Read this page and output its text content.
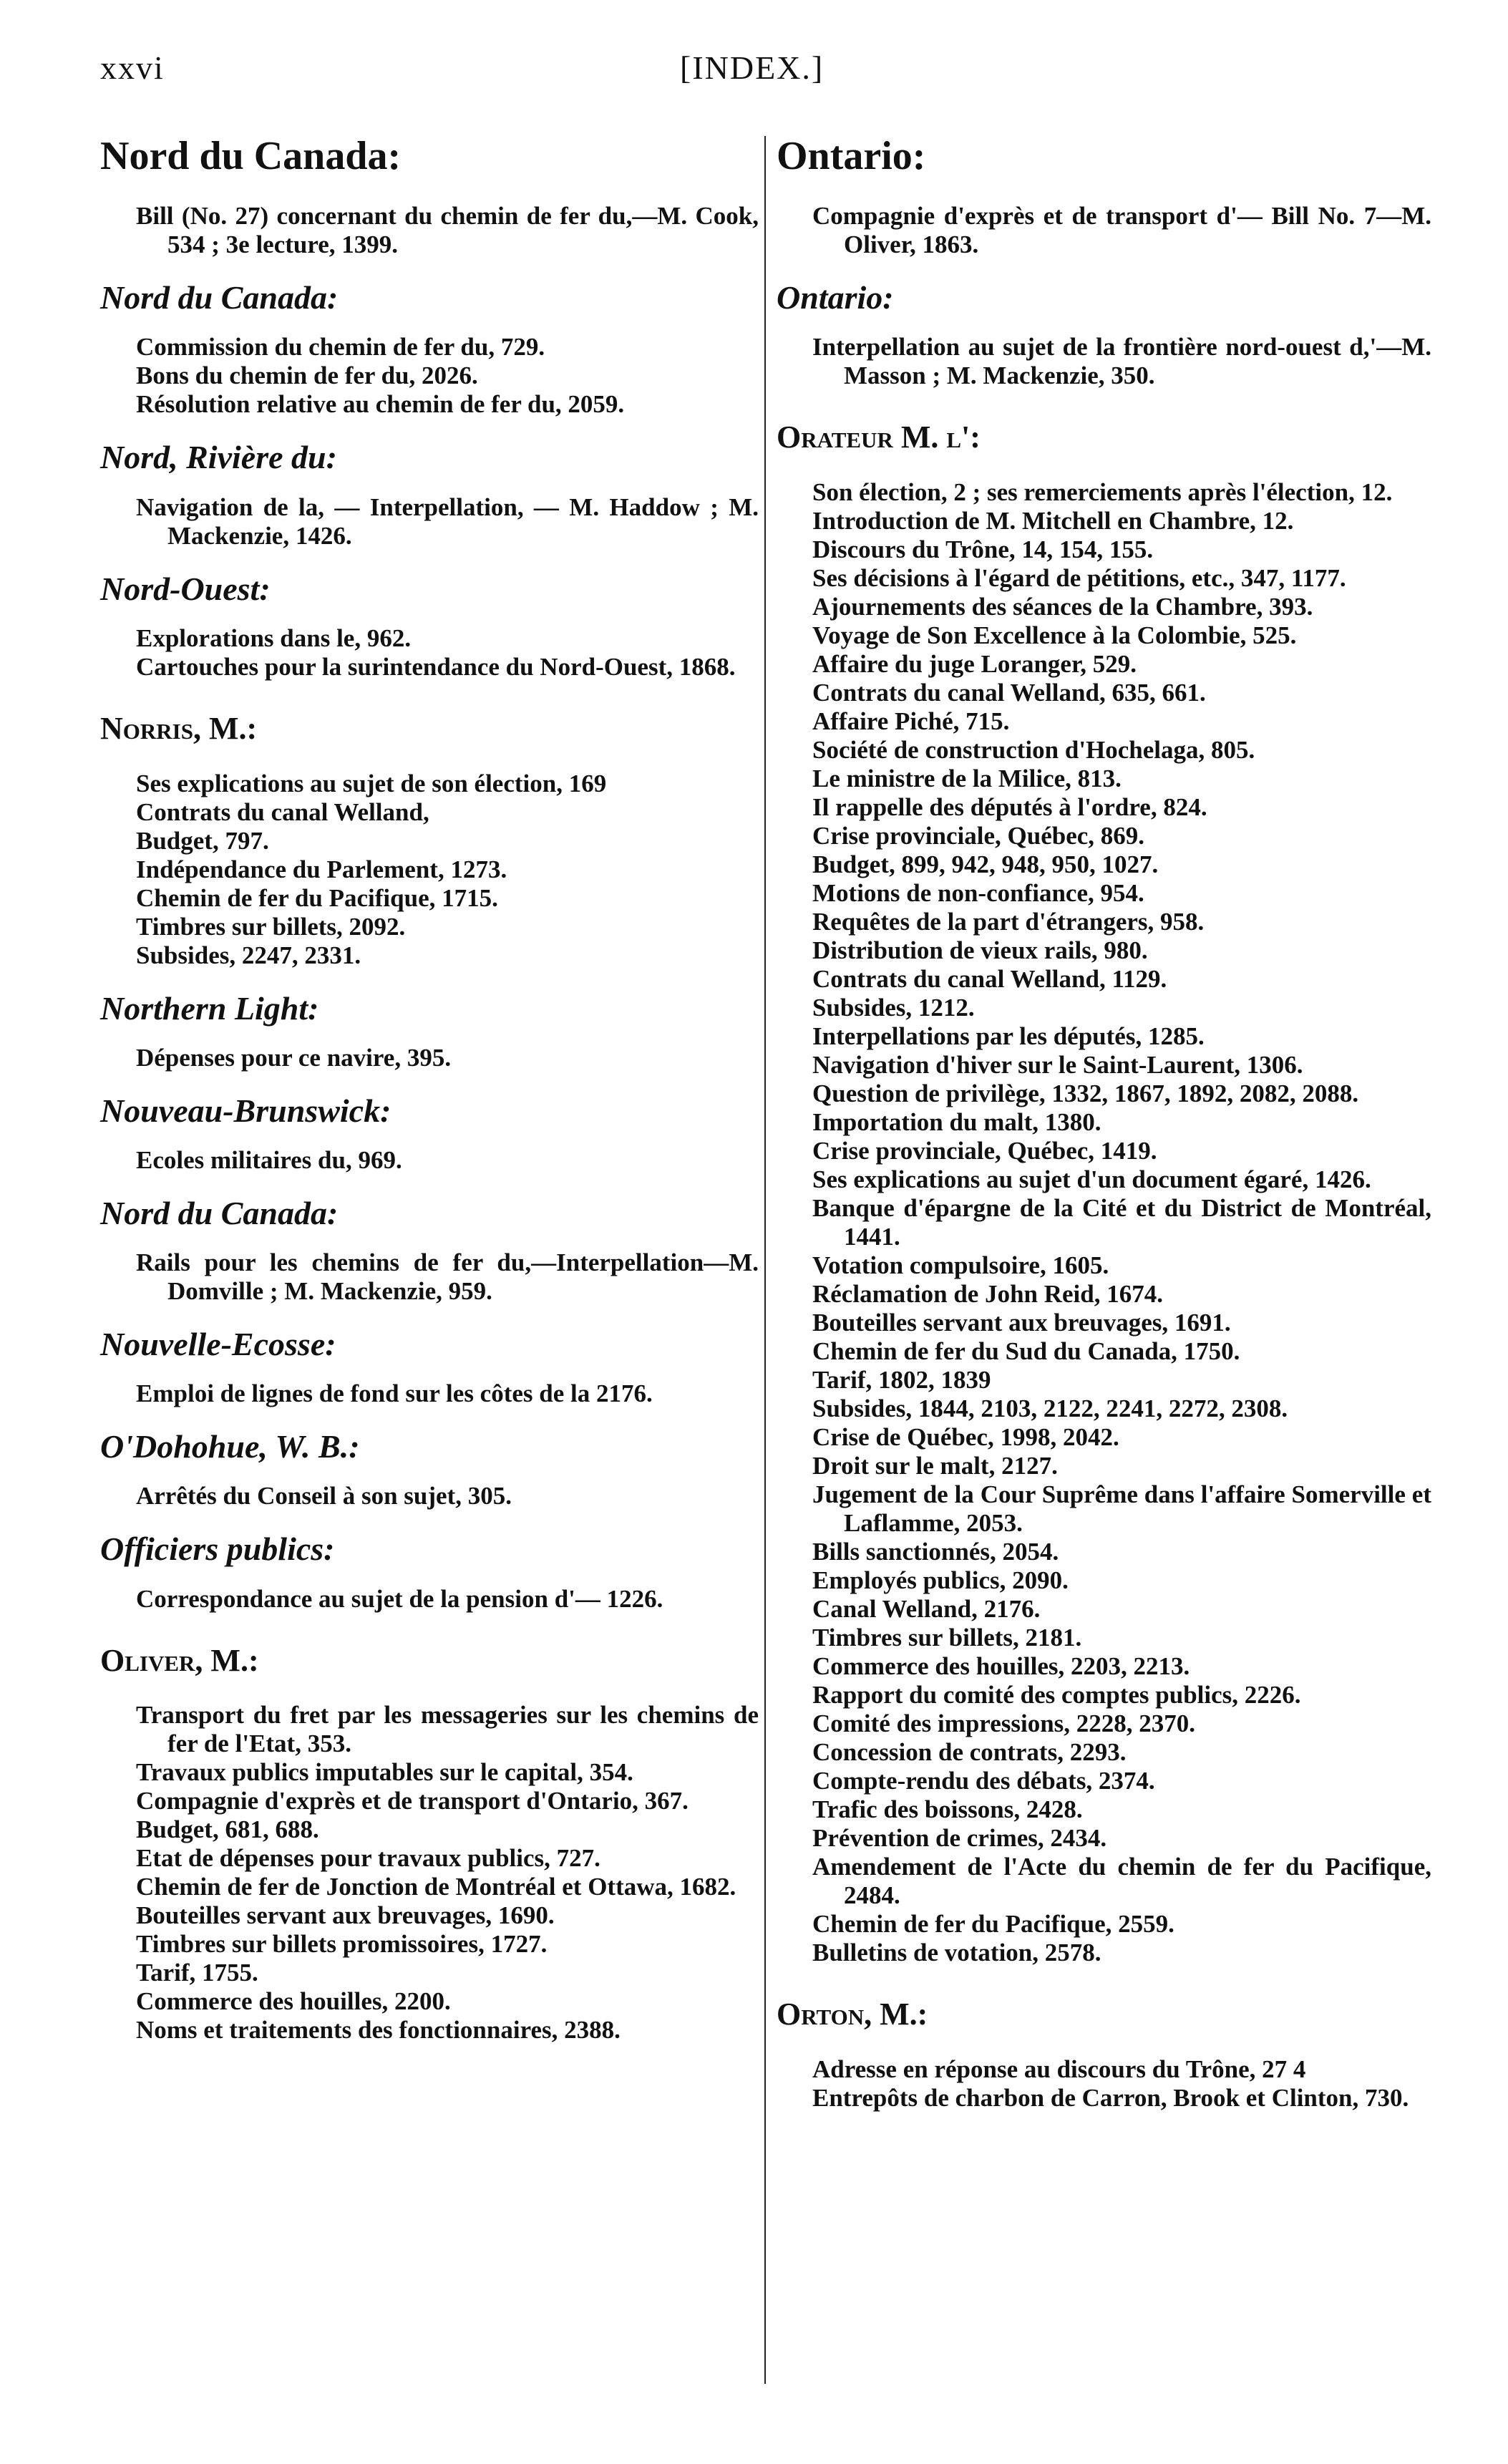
xxvi	[INDEX.]
Nord du Canada:
Bill (No. 27) concernant du chemin de fer du,—M. Cook, 534 ; 3e lecture, 1399.
Nord du Canada:
Commission du chemin de fer du, 729.
Bons du chemin de fer du, 2026.
Résolution relative au chemin de fer du, 2059.
Nord, Rivière du:
Navigation de la, — Interpellation, — M. Haddow ; M. Mackenzie, 1426.
Nord-Ouest:
Explorations dans le, 962.
Cartouches pour la surintendance du Nord-Ouest, 1868.
Norris, M.:
Ses explications au sujet de son élection, 169
Contrats du canal Welland,
Budget, 797.
Indépendance du Parlement, 1273.
Chemin de fer du Pacifique, 1715.
Timbres sur billets, 2092.
Subsides, 2247, 2331.
Northern Light:
Dépenses pour ce navire, 395.
Nouveau-Brunswick:
Ecoles militaires du, 969.
Nord du Canada:
Rails pour les chemins de fer du,—Interpellation—M. Domville ; M. Mackenzie, 959.
Nouvelle-Ecosse:
Emploi de lignes de fond sur les côtes de la 2176.
O'Dohohue, W. B.:
Arrêtés du Conseil à son sujet, 305.
Officiers publics:
Correspondance au sujet de la pension d'— 1226.
Oliver, M.:
Transport du fret par les messageries sur les chemins de fer de l'Etat, 353.
Travaux publics imputables sur le capital, 354.
Compagnie d'exprès et de transport d'Ontario, 367.
Budget, 681, 688.
Etat de dépenses pour travaux publics, 727.
Chemin de fer de Jonction de Montréal et Ottawa, 1682.
Bouteilles servant aux breuvages, 1690.
Timbres sur billets promissoires, 1727.
Tarif, 1755.
Commerce des houilles, 2200.
Noms et traitements des fonctionnaires, 2388.
Ontario:
Compagnie d'exprès et de transport d'— Bill No. 7—M. Oliver, 1863.
Ontario:
Interpellation au sujet de la frontière nord-ouest d,'—M. Masson ; M. Mackenzie, 350.
Orateur M. l':
Son élection, 2 ; ses remerciements après l'élection, 12.
Introduction de M. Mitchell en Chambre, 12.
Discours du Trône, 14, 154, 155.
Ses décisions à l'égard de pétitions, etc., 347, 1177.
Ajournements des séances de la Chambre, 393.
Voyage de Son Excellence à la Colombie, 525.
Affaire du juge Loranger, 529.
Contrats du canal Welland, 635, 661.
Affaire Piché, 715.
Société de construction d'Hochelaga, 805.
Le ministre de la Milice, 813.
Il rappelle des députés à l'ordre, 824.
Crise provinciale, Québec, 869.
Budget, 899, 942, 948, 950, 1027.
Motions de non-confiance, 954.
Requêtes de la part d'étrangers, 958.
Distribution de vieux rails, 980.
Contrats du canal Welland, 1129.
Subsides, 1212.
Interpellations par les députés, 1285.
Navigation d'hiver sur le Saint-Laurent, 1306.
Question de privilège, 1332, 1867, 1892, 2082, 2088.
Importation du malt, 1380.
Crise provinciale, Québec, 1419.
Ses explications au sujet d'un document égaré, 1426.
Banque d'épargne de la Cité et du District de Montréal, 1441.
Votation compulsoire, 1605.
Réclamation de John Reid, 1674.
Bouteilles servant aux breuvages, 1691.
Chemin de fer du Sud du Canada, 1750.
Tarif, 1802, 1839
Subsides, 1844, 2103, 2122, 2241, 2272, 2308.
Crise de Québec, 1998, 2042.
Droit sur le malt, 2127.
Jugement de la Cour Suprême dans l'affaire Somerville et Laflamme, 2053.
Bills sanctionnés, 2054.
Employés publics, 2090.
Canal Welland, 2176.
Timbres sur billets, 2181.
Commerce des houilles, 2203, 2213.
Rapport du comité des comptes publics, 2226.
Comité des impressions, 2228, 2370.
Concession de contrats, 2293.
Compte-rendu des débats, 2374.
Trafic des boissons, 2428.
Prévention de crimes, 2434.
Amendement de l'Acte du chemin de fer du Pacifique, 2484.
Chemin de fer du Pacifique, 2559.
Bulletins de votation, 2578.
Orton, M.:
Adresse en réponse au discours du Trône, 27 4
Entrepôts de charbon de Carron, Brook et Clinton, 730.
